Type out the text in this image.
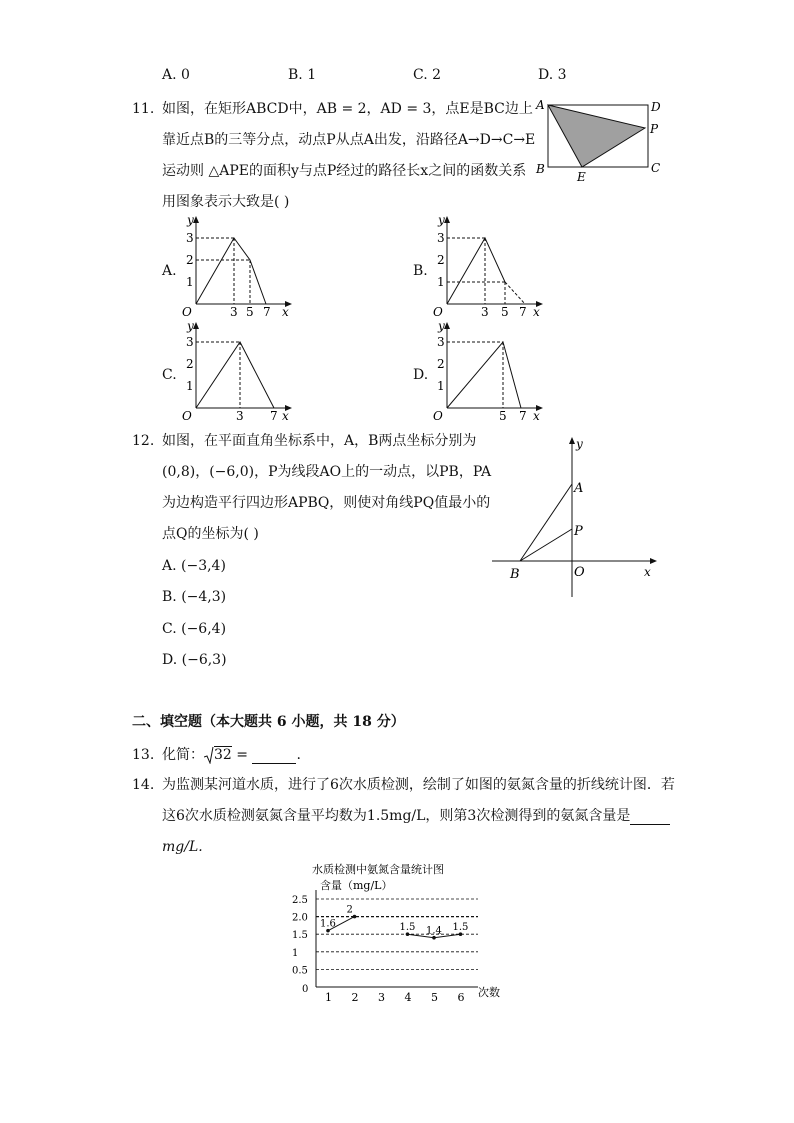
A. 0	B. 1	C. 2	D. 3
11. 如图，在矩形ABCD中，AB = 2，AD = 3，点E是BC边上
靠近点B的三等分点，动点P从点A出发，沿路径A→D→C→E
运动则 △APE的面积y与点P经过的路径长x之间的函数关系
用图象表示大致是( )
A	D
P
B	C
E
A.	B.
C.	D.
y
3
2
1
O	3 5 7 x
y
3
2
1
O	3 5 7 x
y
3
2
1
O	3 7 x
y
3
2
1
O	5 7 x
12. 如图，在平面直角坐标系中，A，B两点坐标分别为
(0,8)，(−6,0)，P为线段AO上的一动点，以PB，PA
为边构造平行四边形APBQ，则使对角线PQ值最小的
点Q的坐标为( )
A. (−3,4)
B. (−4,3)
C. (−6,4)
D. (−6,3)
y
A
P
B	O	x
二、填空题（本大题共 6 小题，共 18 分）
13. 化简： 32 =	.
14. 为监测某河道水质，进行了6次水质检测，绘制了如图的氨氮含量的折线统计图．若
这6次水质检测氨氮含量平均数为1.5mg/L，则第3次检测得到的氨氮含量是
mg/L.
水质检测中氨氮含量统计图
含量（mg/L）
次数
0
2.5
2.0
1.5
1
0.5
1 2 3 4 5 6
1.6
2
1.5 1.4 1.5
